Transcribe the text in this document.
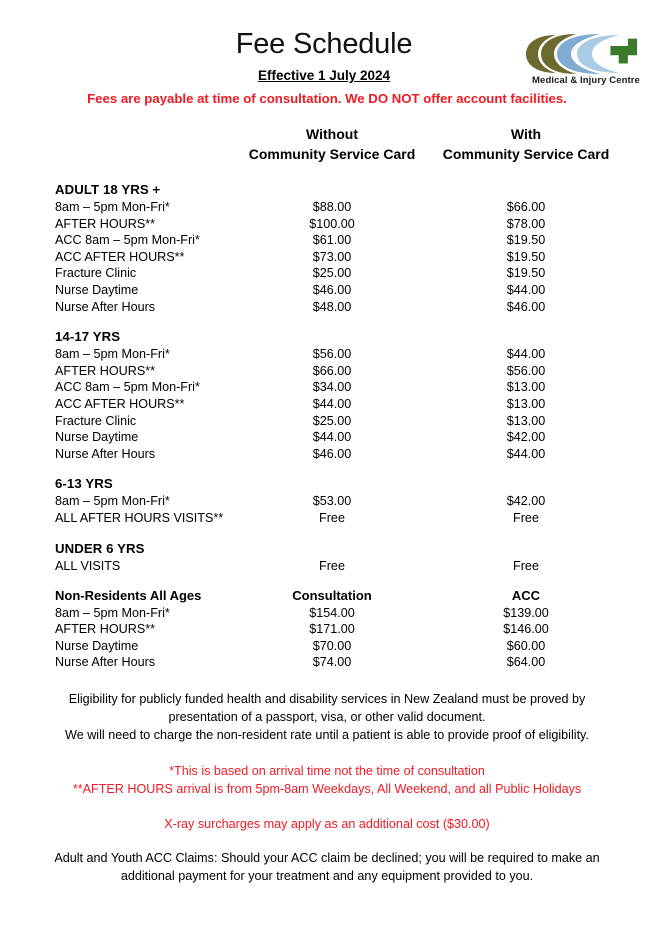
Medical & Injury Centre
Fee Schedule
Effective 1 July 2024
Fees are payable at time of consultation. We DO NOT offer account facilities.
Without
Community Service Card
With
Community Service Card
ADULT 18 YRS +
8am – 5pm Mon-Fri*	$88.00	$66.00
AFTER HOURS**	$100.00	$78.00
ACC 8am – 5pm Mon-Fri*	$61.00	$19.50
ACC AFTER HOURS**	$73.00	$19.50
Fracture Clinic	$25.00	$19.50
Nurse Daytime	$46.00	$44.00
Nurse After Hours	$48.00	$46.00
14-17 YRS
8am – 5pm Mon-Fri*	$56.00	$44.00
AFTER HOURS**	$66.00	$56.00
ACC 8am – 5pm Mon-Fri*	$34.00	$13.00
ACC AFTER HOURS**	$44.00	$13.00
Fracture Clinic	$25.00	$13.00
Nurse Daytime	$44.00	$42.00
Nurse After Hours	$46.00	$44.00
6-13 YRS
8am – 5pm Mon-Fri*	$53.00	$42.00
ALL AFTER HOURS VISITS**	Free	Free
UNDER 6 YRS
ALL VISITS	Free	Free
Non-Residents All Ages	Consultation	ACC
8am – 5pm Mon-Fri*	$154.00	$139.00
AFTER HOURS**	$171.00	$146.00
Nurse Daytime	$70.00	$60.00
Nurse After Hours	$74.00	$64.00
Eligibility for publicly funded health and disability services in New Zealand must be proved by
presentation of a passport, visa, or other valid document.
We will need to charge the non-resident rate until a patient is able to provide proof of eligibility.
*This is based on arrival time not the time of consultation
**AFTER HOURS arrival is from 5pm-8am Weekdays, All Weekend, and all Public Holidays
X-ray surcharges may apply as an additional cost ($30.00)
Adult and Youth ACC Claims: Should your ACC claim be declined; you will be required to make an
additional payment for your treatment and any equipment provided to you.
